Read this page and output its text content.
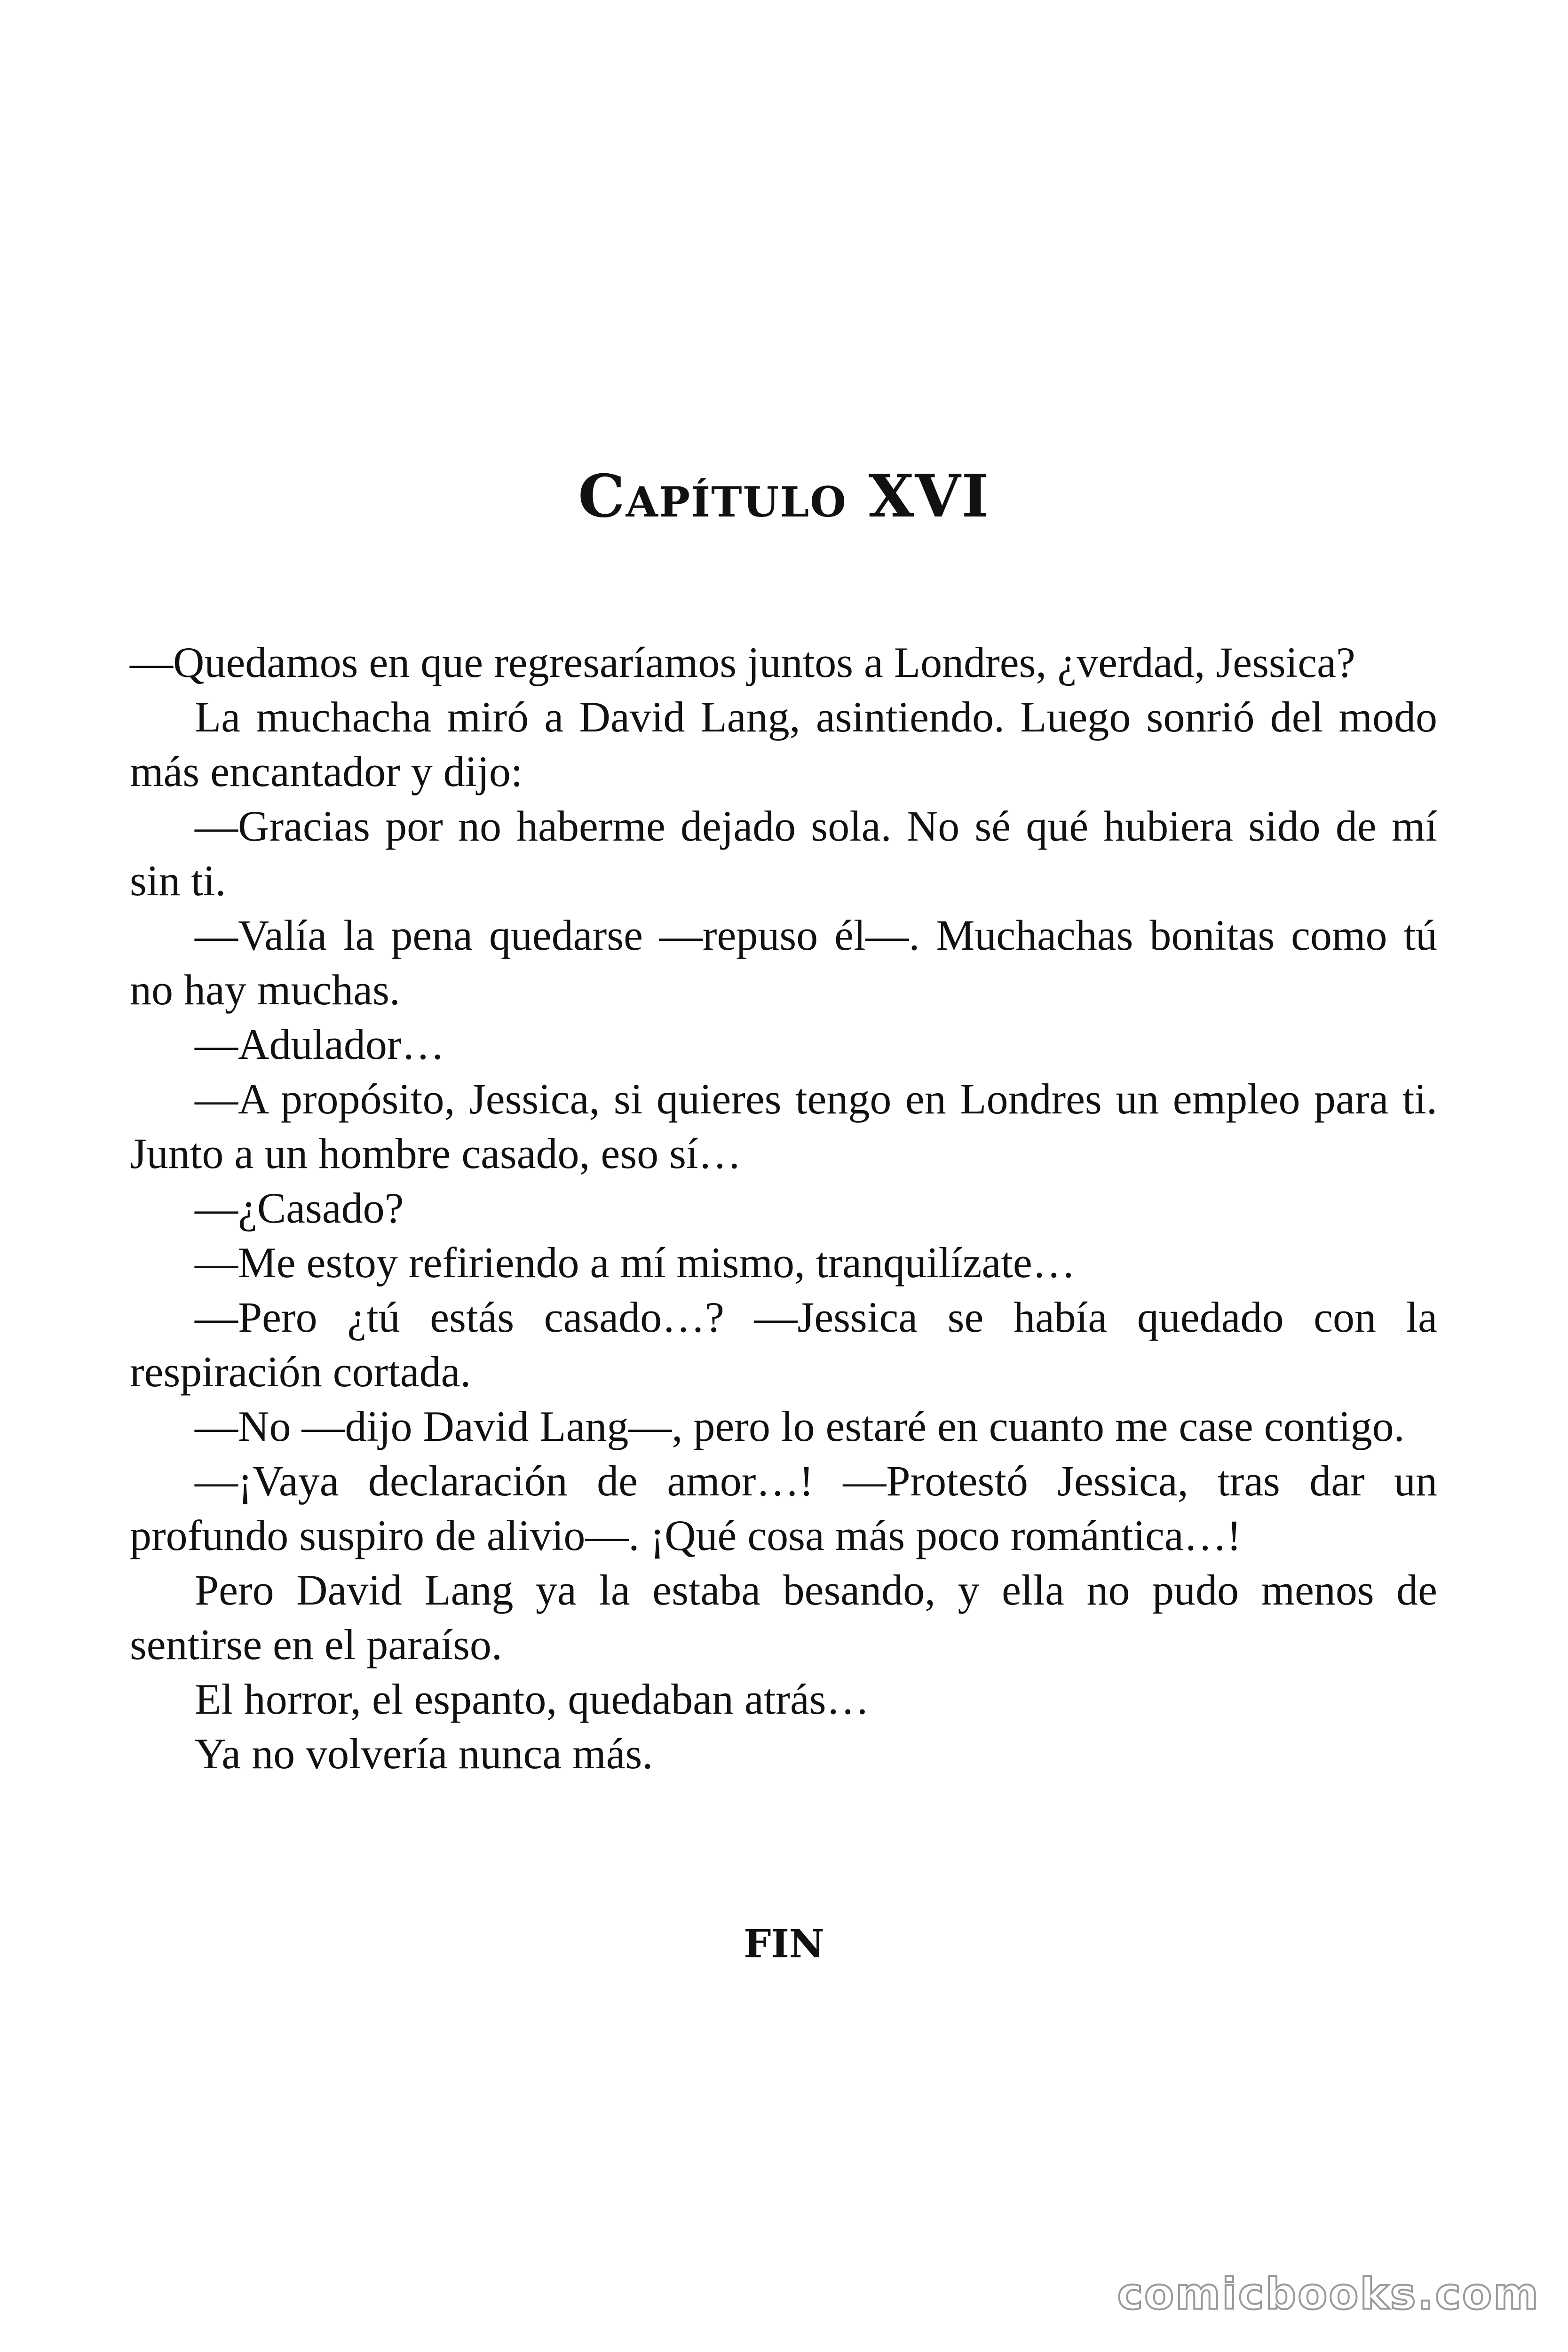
Capítulo XVI

—Quedamos en que regresaríamos juntos a Londres, ¿verdad, Jessica?

La muchacha miró a David Lang, asintiendo. Luego sonrió del modo más encantador y dijo:

—Gracias por no haberme dejado sola. No sé qué hubiera sido de mí sin ti.

—Valía la pena quedarse —repuso él—. Muchachas bonitas como tú no hay muchas.

—Adulador…

—A propósito, Jessica, si quieres tengo en Londres un empleo para ti. Junto a un hombre casado, eso sí…

—¿Casado?

—Me estoy refiriendo a mí mismo, tranquilízate…

—Pero ¿tú estás casado…? —Jessica se había quedado con la respiración cortada.

—No —dijo David Lang—, pero lo estaré en cuanto me case contigo.

—¡Vaya declaración de amor…! —Protestó Jessica, tras dar un profundo suspiro de alivio—. ¡Qué cosa más poco romántica…!

Pero David Lang ya la estaba besando, y ella no pudo menos de sentirse en el paraíso.

El horror, el espanto, quedaban atrás…

Ya no volvería nunca más.

FIN

comicbooks.com
